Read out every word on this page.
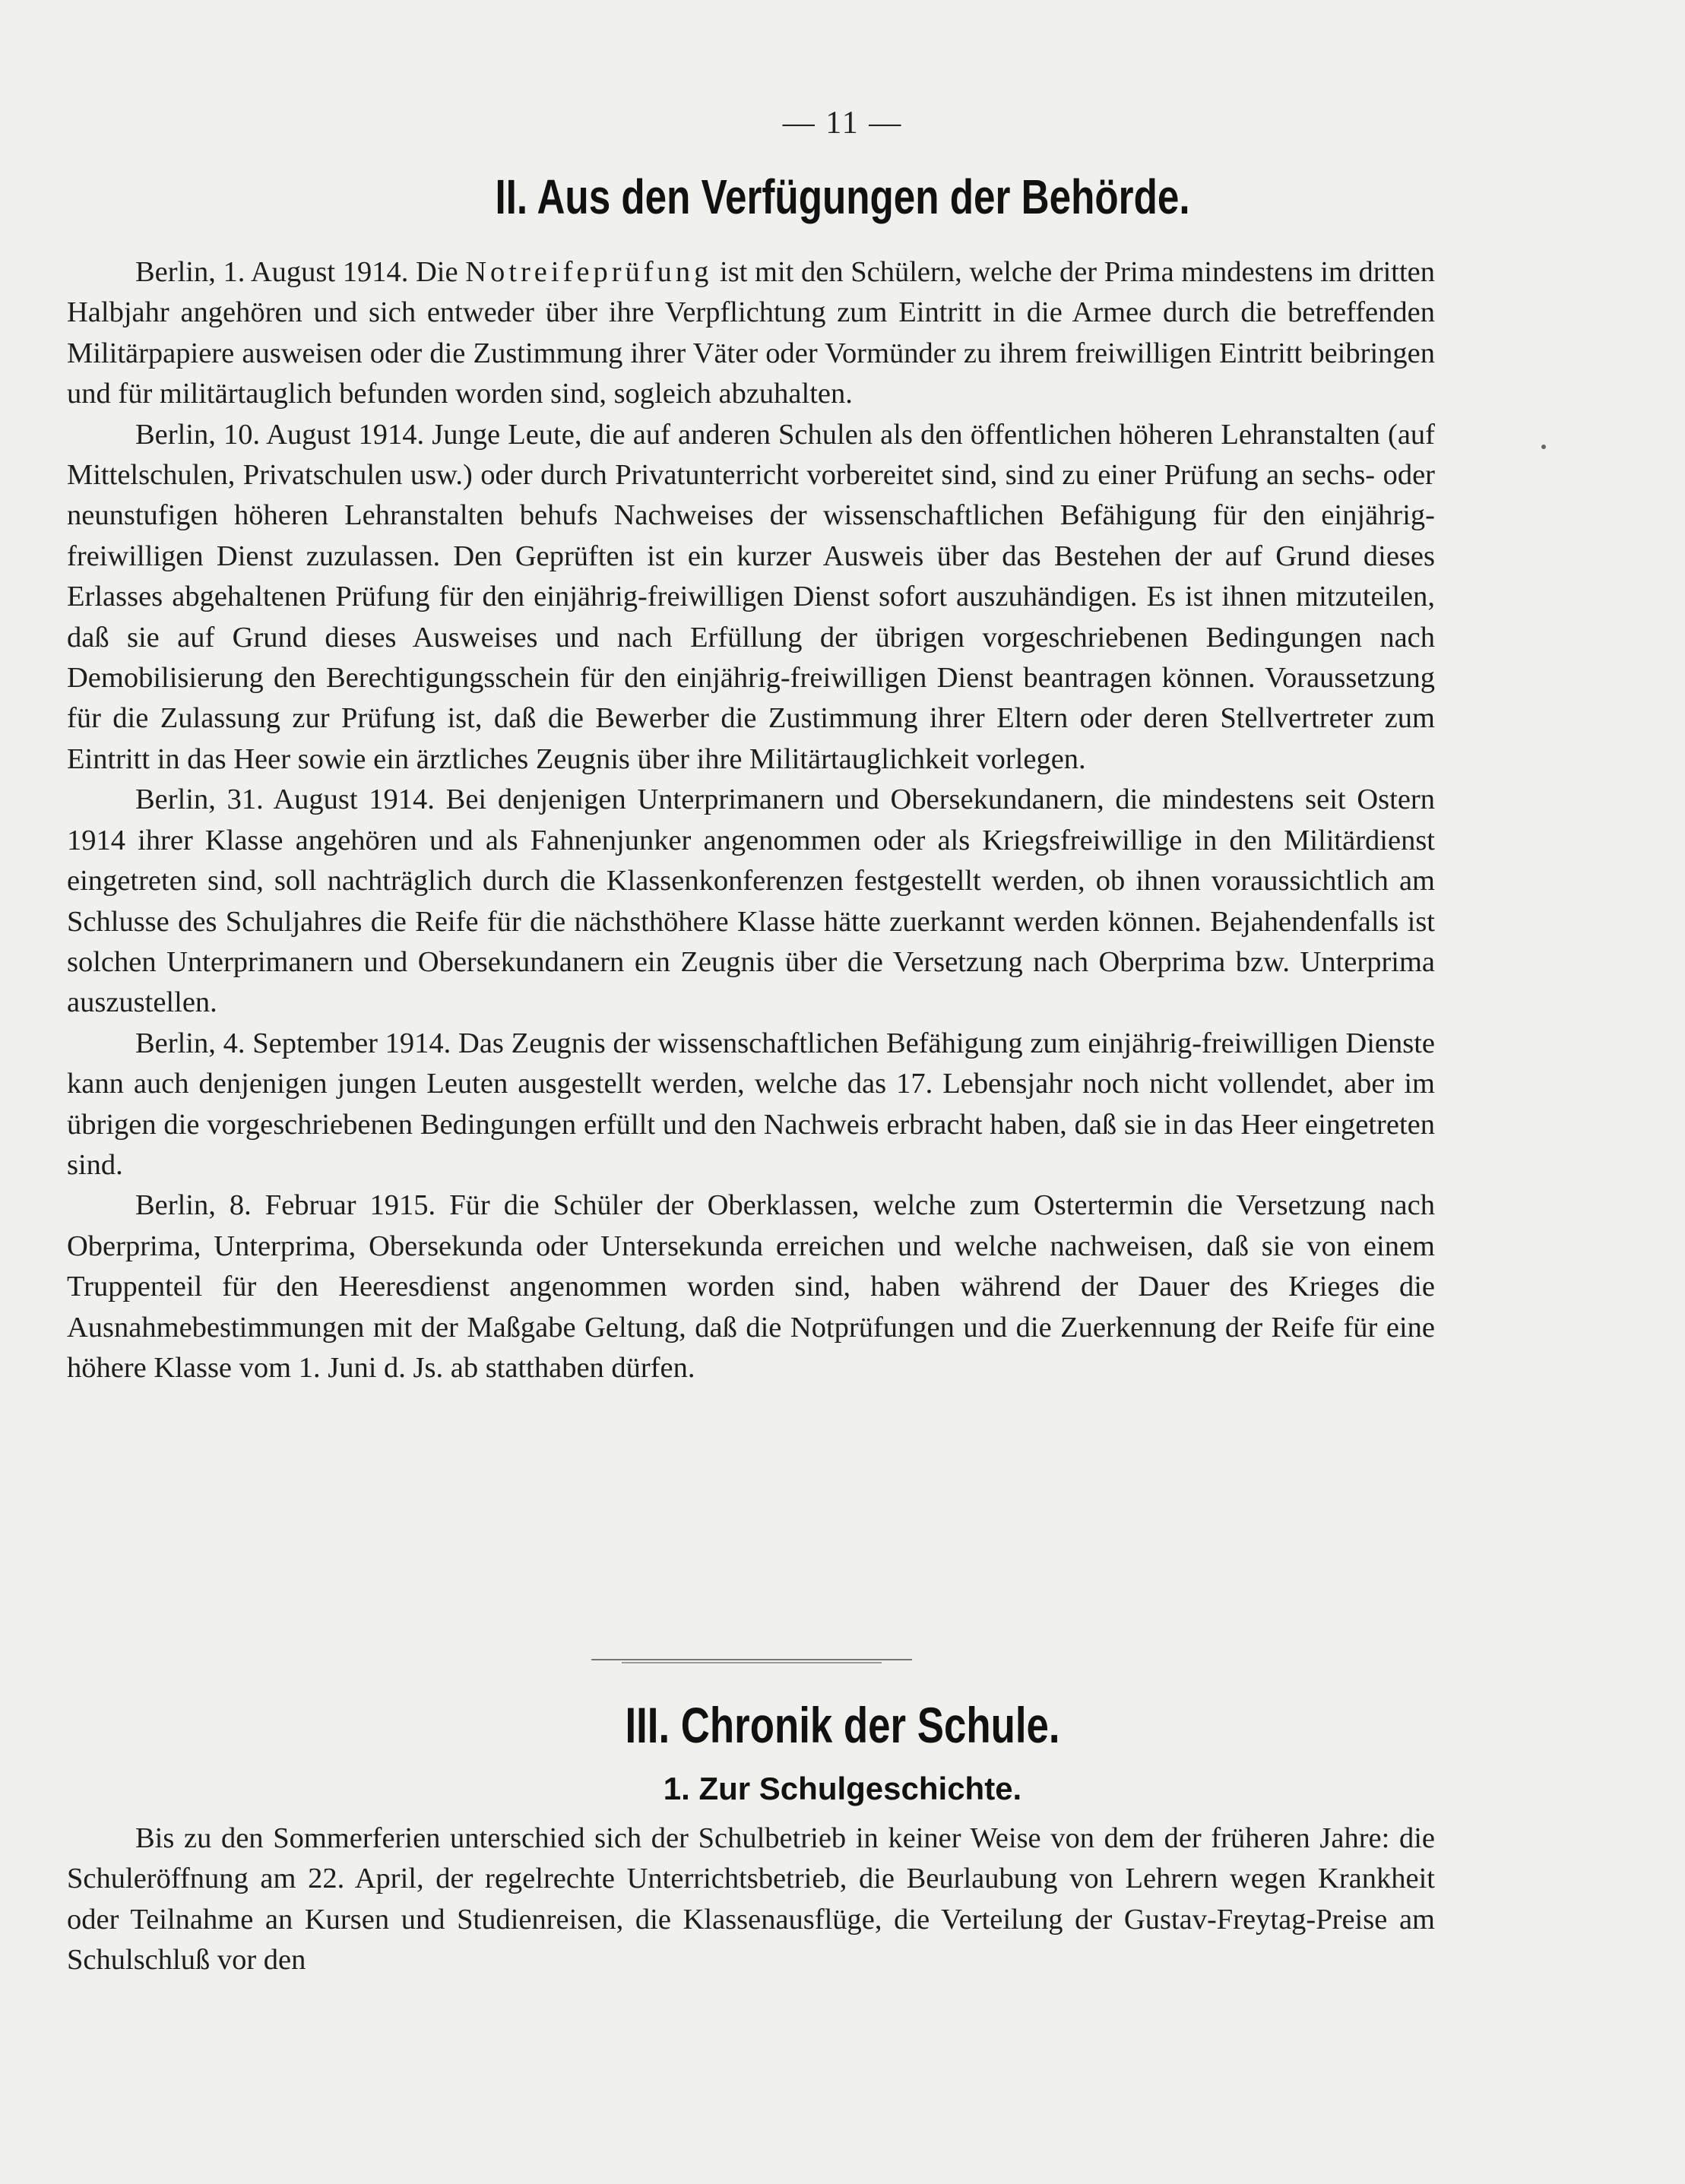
— 11 —
II. Aus den Verfügungen der Behörde.

Berlin, 1. August 1914. Die Notreifeprüfung ist mit den Schülern, welche der Prima mindestens im dritten Halbjahr angehören und sich entweder über ihre Verpflichtung zum Eintritt in die Armee durch die betreffenden Militärpapiere ausweisen oder die Zustimmung ihrer Väter oder Vormünder zu ihrem freiwilligen Eintritt beibringen und für militärtauglich befunden worden sind, sogleich abzuhalten.

Berlin, 10. August 1914. Junge Leute, die auf anderen Schulen als den öffentlichen höheren Lehranstalten (auf Mittelschulen, Privatschulen usw.) oder durch Privatunterricht vorbereitet sind, sind zu einer Prüfung an sechs- oder neunstufigen höheren Lehranstalten behufs Nachweises der wissenschaftlichen Befähigung für den einjährig-freiwilligen Dienst zuzulassen. Den Geprüften ist ein kurzer Ausweis über das Bestehen der auf Grund dieses Erlasses abgehaltenen Prüfung für den einjährig-freiwilligen Dienst sofort auszuhändigen. Es ist ihnen mitzuteilen, daß sie auf Grund dieses Ausweises und nach Erfüllung der übrigen vorgeschriebenen Bedingungen nach Demobilisierung den Berechtigungsschein für den einjährig-freiwilligen Dienst beantragen können. Voraussetzung für die Zulassung zur Prüfung ist, daß die Bewerber die Zustimmung ihrer Eltern oder deren Stellvertreter zum Eintritt in das Heer sowie ein ärztliches Zeugnis über ihre Militärtauglichkeit vorlegen.

Berlin, 31. August 1914. Bei denjenigen Unterprimanern und Obersekundanern, die mindestens seit Ostern 1914 ihrer Klasse angehören und als Fahnenjunker angenommen oder als Kriegsfreiwillige in den Militärdienst eingetreten sind, soll nachträglich durch die Klassenkonferenzen festgestellt werden, ob ihnen voraussichtlich am Schlusse des Schuljahres die Reife für die nächsthöhere Klasse hätte zuerkannt werden können. Bejahendenfalls ist solchen Unterprimanern und Obersekundanern ein Zeugnis über die Versetzung nach Oberprima bzw. Unterprima auszustellen.

Berlin, 4. September 1914. Das Zeugnis der wissenschaftlichen Befähigung zum einjährig-freiwilligen Dienste kann auch denjenigen jungen Leuten ausgestellt werden, welche das 17. Lebensjahr noch nicht vollendet, aber im übrigen die vorgeschriebenen Bedingungen erfüllt und den Nachweis erbracht haben, daß sie in das Heer eingetreten sind.

Berlin, 8. Februar 1915. Für die Schüler der Oberklassen, welche zum Ostertermin die Versetzung nach Oberprima, Unterprima, Obersekunda oder Untersekunda erreichen und welche nachweisen, daß sie von einem Truppenteil für den Heeresdienst angenommen worden sind, haben während der Dauer des Krieges die Ausnahmebestimmungen mit der Maßgabe Geltung, daß die Notprüfungen und die Zuerkennung der Reife für eine höhere Klasse vom 1. Juni d. Js. ab statthaben dürfen.

III. Chronik der Schule.
1. Zur Schulgeschichte.

Bis zu den Sommerferien unterschied sich der Schulbetrieb in keiner Weise von dem der früheren Jahre: die Schuleröffnung am 22. April, der regelrechte Unterrichtsbetrieb, die Beurlaubung von Lehrern wegen Krankheit oder Teilnahme an Kursen und Studienreisen, die Klassenausflüge, die Verteilung der Gustav-Freytag-Preise am Schulschluß vor den
